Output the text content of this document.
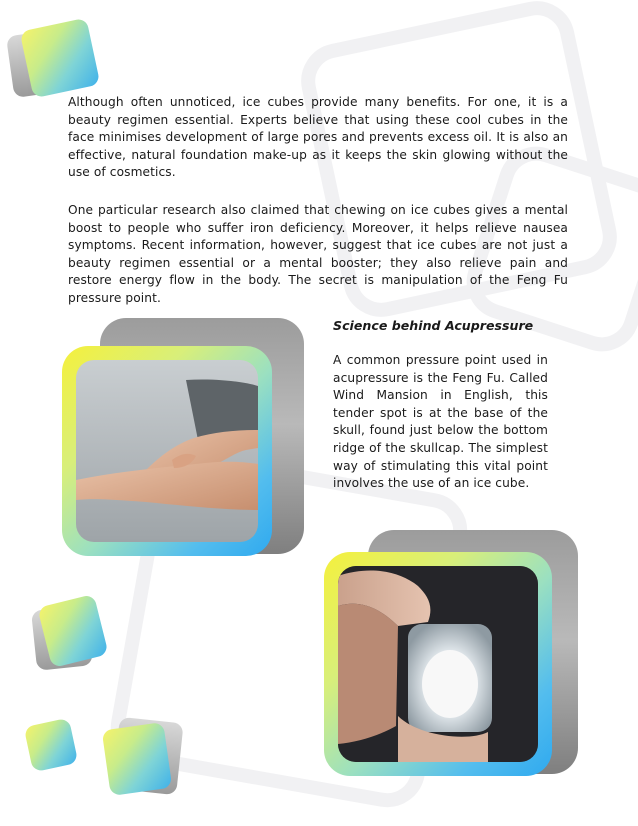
Although often unnoticed, ice cubes provide many benefits. For one, it is a beauty regimen essential. Experts believe that using these cool cubes in the face minimises development of large pores and prevents excess oil. It is also an effective, natural foundation make-up as it keeps the skin glowing without the use of cosmetics.

One particular research also claimed that chewing on ice cubes gives a mental boost to people who suffer iron deficiency. Moreover, it helps relieve nausea symptoms. Recent information, however, suggest that ice cubes are not just a beauty regimen essential or a mental booster; they also relieve pain and restore energy flow in the body. The secret is manipulation of the Feng Fu pressure point.

Science behind Acupressure

A common pressure point used in acupressure is the Feng Fu. Called Wind Mansion in English, this tender spot is at the base of the skull, found just below the bottom ridge of the skullcap. The simplest way of stimulating this vital point involves the use of an ice cube.
